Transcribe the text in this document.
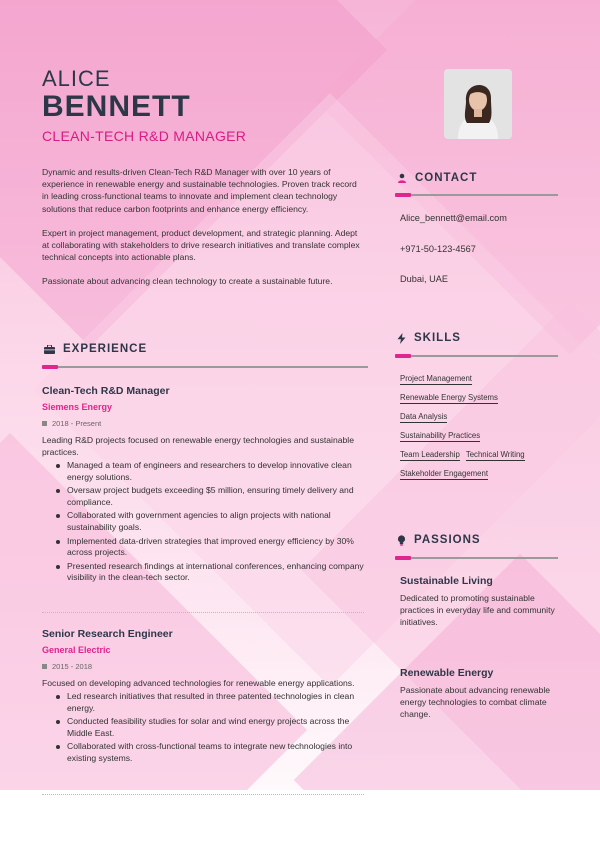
ALICE
BENNETT
CLEAN-TECH R&D MANAGER

Dynamic and results-driven Clean-Tech R&D Manager with over 10 years of experience in renewable energy and sustainable technologies. Proven track record in leading cross-functional teams to innovate and implement clean technology solutions that reduce carbon footprints and enhance energy efficiency.

Expert in project management, product development, and strategic planning. Adept at collaborating with stakeholders to drive research initiatives and translate complex technical concepts into actionable plans.

Passionate about advancing clean technology to create a sustainable future.

EXPERIENCE
Clean-Tech R&D Manager
Siemens Energy
2018 - Present
Leading R&D projects focused on renewable energy technologies and sustainable practices.
Managed a team of engineers and researchers to develop innovative clean energy solutions.
Oversaw project budgets exceeding $5 million, ensuring timely delivery and compliance.
Collaborated with government agencies to align projects with national sustainability goals.
Implemented data-driven strategies that improved energy efficiency by 30% across projects.
Presented research findings at international conferences, enhancing company visibility in the clean-tech sector.
Senior Research Engineer
General Electric
2015 - 2018
Focused on developing advanced technologies for renewable energy applications.
Led research initiatives that resulted in three patented technologies in clean energy.
Conducted feasibility studies for solar and wind energy projects across the Middle East.
Collaborated with cross-functional teams to integrate new technologies into existing systems.
CONTACT
Alice_bennett@email.com
+971-50-123-4567
Dubai, UAE
SKILLS
Project Management
Renewable Energy Systems
Data Analysis
Sustainability Practices
Team Leadership Technical Writing
Stakeholder Engagement
PASSIONS
Sustainable Living
Dedicated to promoting sustainable practices in everyday life and community initiatives.
Renewable Energy
Passionate about advancing renewable energy technologies to combat climate change.
